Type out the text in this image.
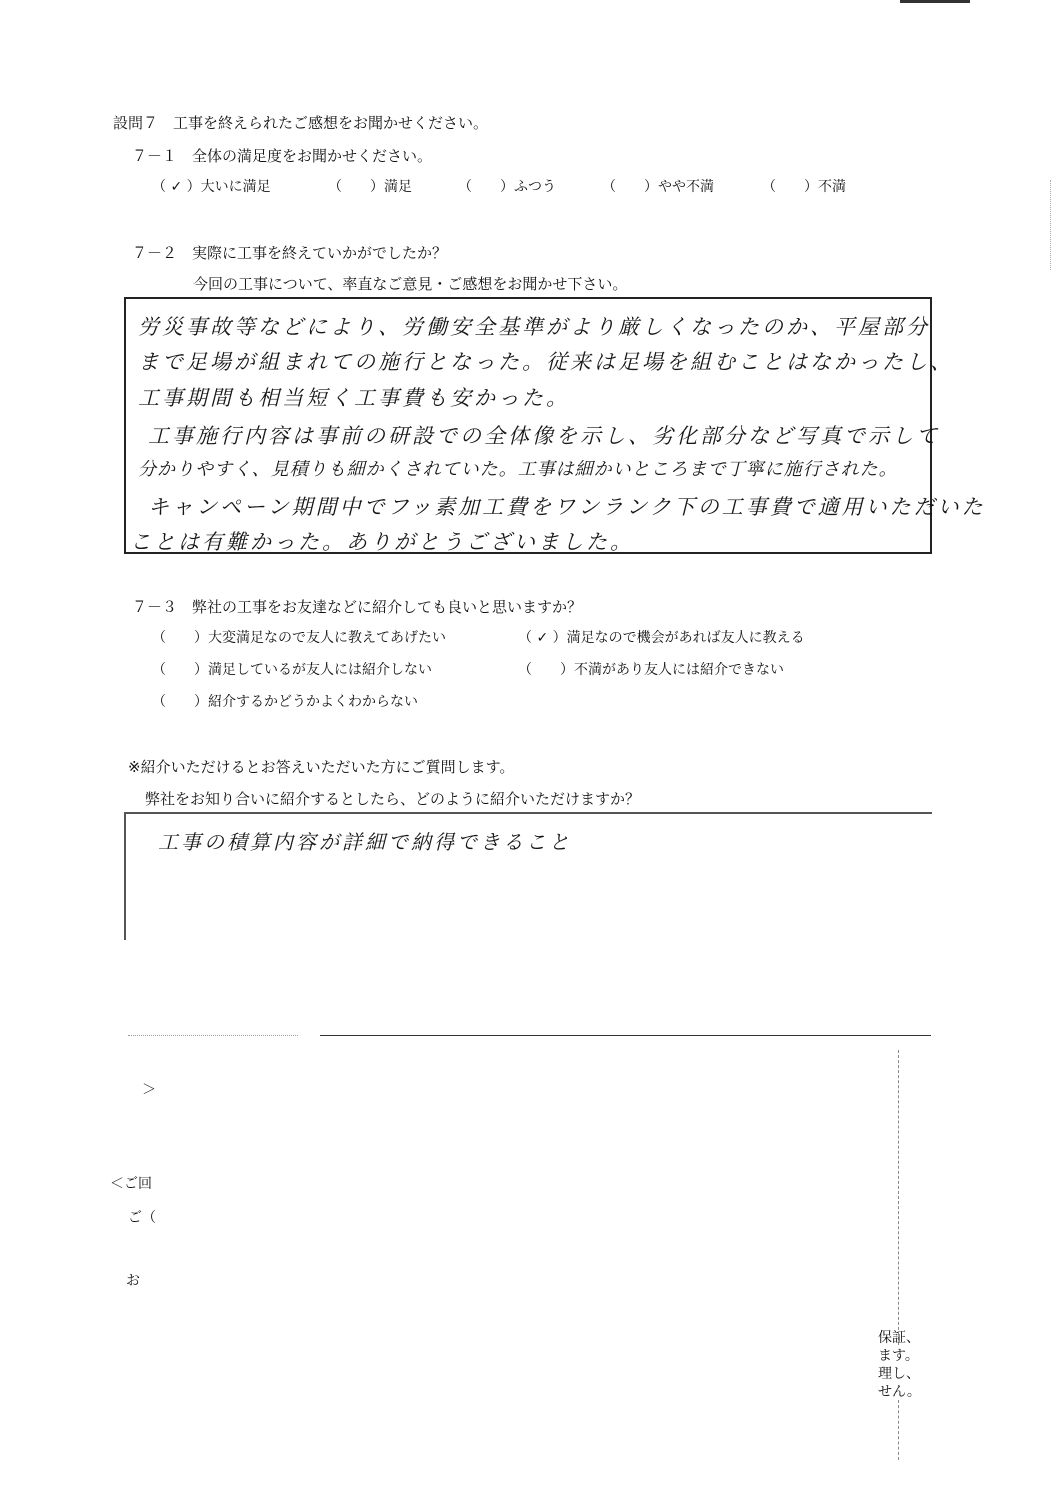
設問７　工事を終えられたご感想をお聞かせください。
７－１　全体の満足度をお聞かせください。
（ ✓ ）大いに満足	（　　）満足	（　　）ふつう	（　　）やや不満	（　　）不満
７－２　実際に工事を終えていかがでしたか？
今回の工事について、率直なご意見・ご感想をお聞かせ下さい。
労災事故等などにより、労働安全基準がより厳しくなったのか、平屋部分
まで足場が組まれての施行となった。従来は足場を組むことはなかったし、
工事期間も相当短く工事費も安かった。
工事施行内容は事前の研設での全体像を示し、劣化部分など写真で示して
分かりやすく、見積りも細かくされていた。工事は細かいところまで丁寧に施行された。
キャンペーン期間中でフッ素加工費をワンランク下の工事費で適用いただいた
ことは有難かった。ありがとうございました。
７－３　弊社の工事をお友達などに紹介しても良いと思いますか？
（　　）大変満足なので友人に教えてあげたい	（ ✓ ）満足なので機会があれば友人に教える
（　　）満足しているが友人には紹介しない	（　　）不満があり友人には紹介できない
（　　）紹介するかどうかよくわからない
※紹介いただけるとお答えいただいた方にご質問します。
弊社をお知り合いに紹介するとしたら、どのように紹介いただけますか？
工事の積算内容が詳細で納得できること
＞
＜ご回
ご（
お
保証、
ます。
理し、
せん。
